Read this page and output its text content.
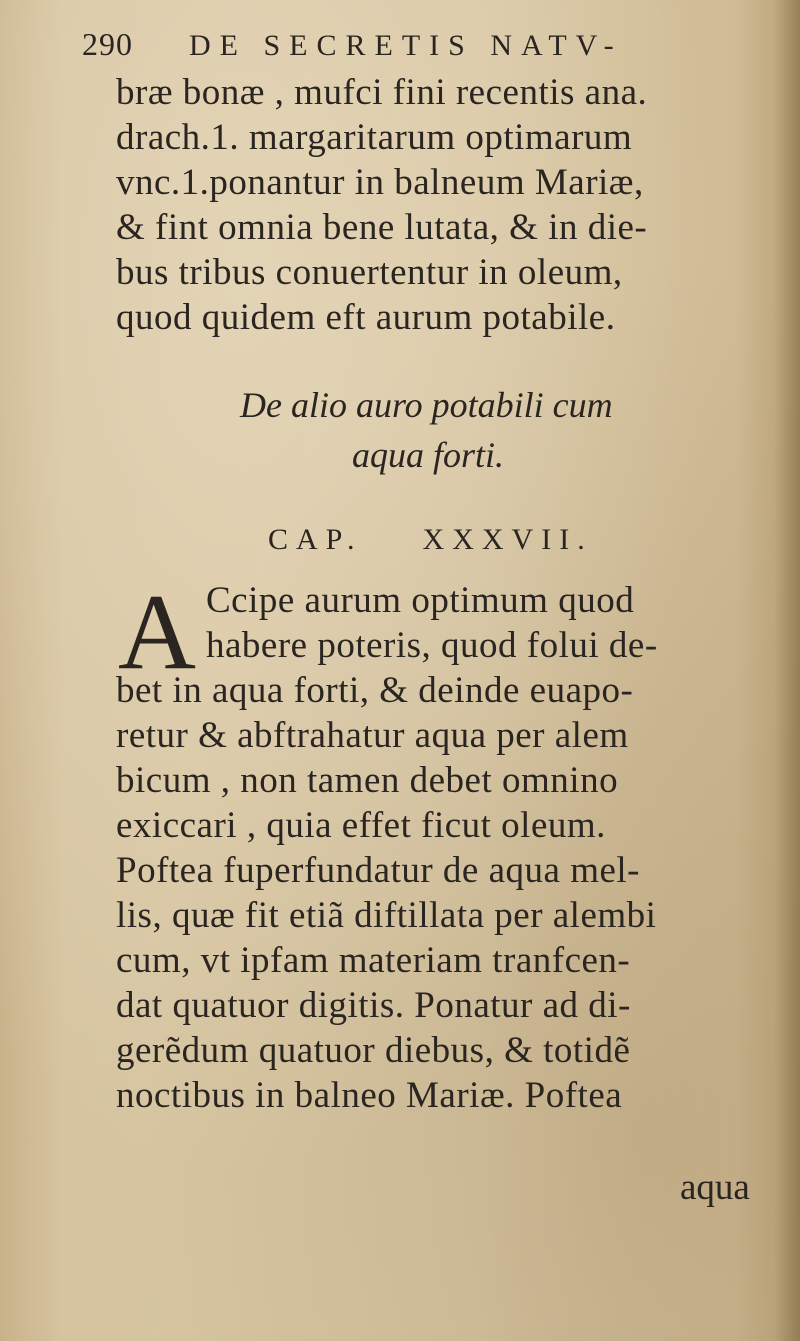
290 DE SECRETIS NATV-
bræ bonæ , mufci fini recentis ana.
drach.1. margaritarum optimarum
vnc.1.ponantur in balneum Mariæ,
& fint omnia bene lutata, & in die-
bus tribus conuertentur in oleum,
quod quidem eft aurum potabile.
De alio auro potabili cum
aqua forti.
CAP. XXXVII.
A Ccipe aurum optimum quod
habere poteris, quod folui de-
bet in aqua forti, & deinde euapo-
retur & abftrahatur aqua per alem
bicum , non tamen debet omnino
exiccari , quia effet ficut oleum.
Poftea fuperfundatur de aqua mel-
lis, quæ fit etiã diftillata per alembi
cum, vt ipfam materiam tranfcen-
dat quatuor digitis. Ponatur ad di-
gerẽdum quatuor diebus, & totidẽ
noctibus in balneo Mariæ. Poftea
aqua
